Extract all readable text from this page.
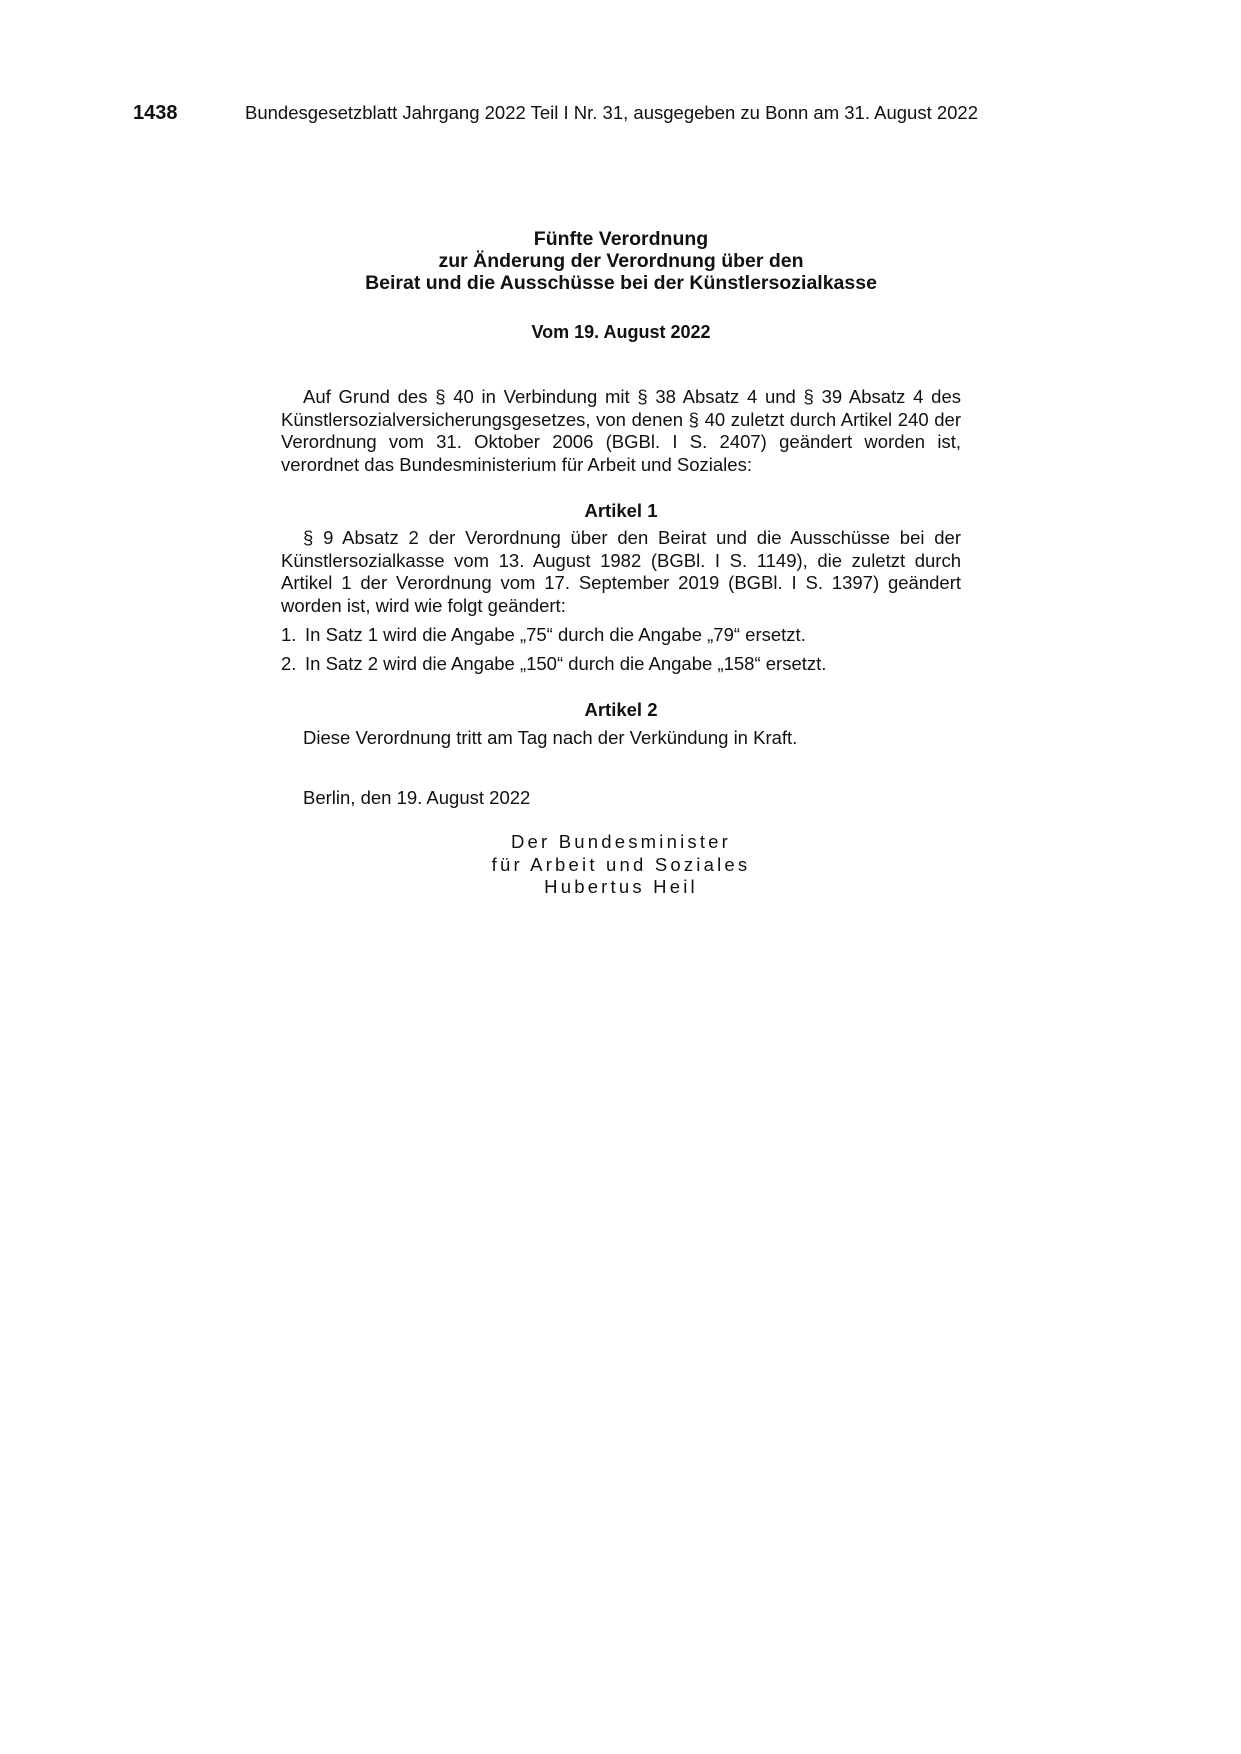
1438	Bundesgesetzblatt Jahrgang 2022 Teil I Nr. 31, ausgegeben zu Bonn am 31. August 2022
Fünfte Verordnung
zur Änderung der Verordnung über den
Beirat und die Ausschüsse bei der Künstlersozialkasse
Vom 19. August 2022

Auf Grund des § 40 in Verbindung mit § 38 Absatz 4 und § 39 Absatz 4 des Künstlersozialversicherungsgesetzes, von denen § 40 zuletzt durch Artikel 240 der Verordnung vom 31. Oktober 2006 (BGBl. I S. 2407) geändert worden ist, verordnet das Bundesministerium für Arbeit und Soziales:

Artikel 1

§ 9 Absatz 2 der Verordnung über den Beirat und die Ausschüsse bei der Künstlersozialkasse vom 13. August 1982 (BGBl. I S. 1149), die zuletzt durch Artikel 1 der Verordnung vom 17. September 2019 (BGBl. I S. 1397) geändert worden ist, wird wie folgt geändert:

1. In Satz 1 wird die Angabe „75“ durch die Angabe „79“ ersetzt.
2. In Satz 2 wird die Angabe „150“ durch die Angabe „158“ ersetzt.
Artikel 2
Diese Verordnung tritt am Tag nach der Verkündung in Kraft.
Berlin, den 19. August 2022
Der Bundesminister
für Arbeit und Soziales
Hubertus Heil
